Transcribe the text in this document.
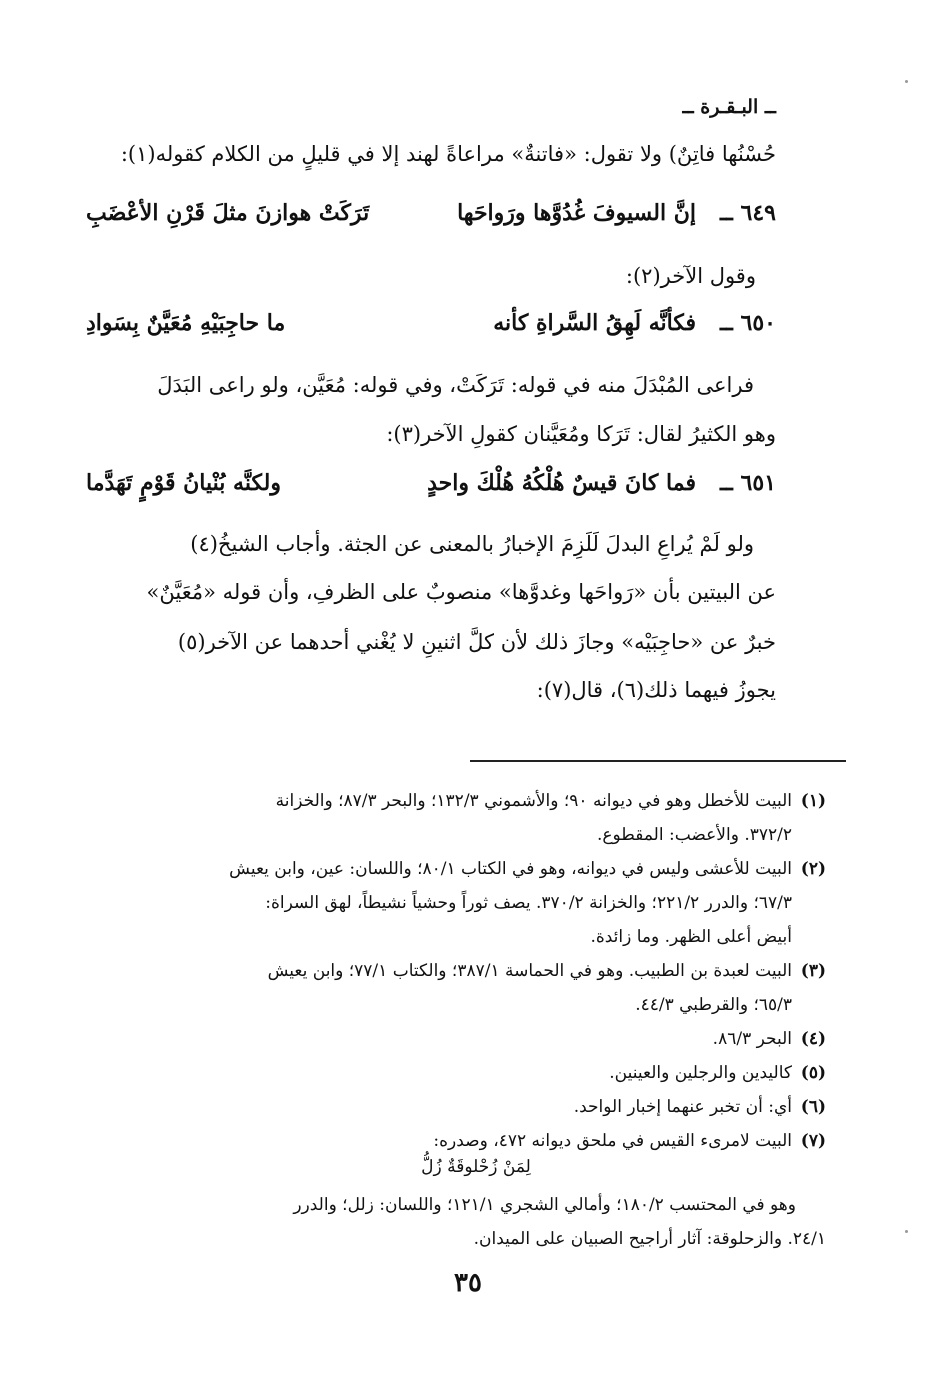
ــ البـقـرة ــ
حُسْنُها فاتِنٌ) ولا تقول: «فاتنةٌ» مراعاةً لهند إلا في قليلٍ من الكلام كقوله(١):
٦٤٩ ــ
إنَّ السيوفَ غُدُوَّها ورَواحَها
تَرَكَتْ هوازنَ مثلَ قَرْنِ الأعْضَبِ
وقول الآخر(٢):
٦٥٠ ــ
فكأنَّه لَهِقُ السَّراةِ كأنه
ما حاجِبَيْهِ مُعَيَّنٌ بِسَوادِ
فراعى المُبْدَلَ منه في قوله: تَرَكَتْ، وفي قوله: مُعَيَّن، ولو راعى البَدَلَ
وهو الكثيرُ لقال: تَرَكا ومُعَيَّنان كقولِ الآخر(٣):
٦٥١ ــ
فما كانَ قيسٌ هُلْكُهُ هُلْكَ واحدٍ
ولكنَّه بُنْيانُ قَوْمٍ تَهَدَّما
ولو لَمْ يُراعِ البدلَ لَلَزِمَ الإخبارُ بالمعنى عن الجثة. وأجاب الشيخُ(٤)
عن البيتين بأن «رَواحَها وغدوَّها» منصوبٌ على الظرفِ، وأن قوله «مُعَيَّنٌ»
خبرٌ عن «حاجِبَيْه» وجازَ ذلك لأن كلَّ اثنينِ لا يُغْني أحدهما عن الآخر(٥)
يجوزُ فيهما ذلك(٦)، قال(٧):
(١)البيت للأخطل وهو في ديوانه ٩٠؛ والأشموني ١٣٢/٣؛ والبحر ٨٧/٣؛ والخزانة
٣٧٢/٢. والأعضب: المقطوع.
(٢)البيت للأعشى وليس في ديوانه، وهو في الكتاب ٨٠/١؛ واللسان: عين، وابن يعيش
٦٧/٣؛ والدرر ٢٢١/٢؛ والخزانة ٣٧٠/٢. يصف ثوراً وحشياً نشيطاً، لهق السراة:
أبيض أعلى الظهر. وما زائدة.
(٣)البيت لعبدة بن الطبيب. وهو في الحماسة ٣٨٧/١؛ والكتاب ٧٧/١؛ وابن يعيش
٦٥/٣؛ والقرطبي ٤٤/٣.
(٤)البحر ٨٦/٣.
(٥)كاليدين والرجلين والعينين.
(٦)أي: أن تخبر عنهما إخبار الواحد.
(٧)البيت لامرىء القيس في ملحق ديوانه ٤٧٢، وصدره:
لِمَنْ زُحْلوقَةٌ زُلُّ
وهو في المحتسب ١٨٠/٢؛ وأمالي الشجري ١٢١/١؛ واللسان: زلل؛ والدرر
٢٤/١. والزحلوقة: آثار أراجيح الصبيان على الميدان.
٣٥
